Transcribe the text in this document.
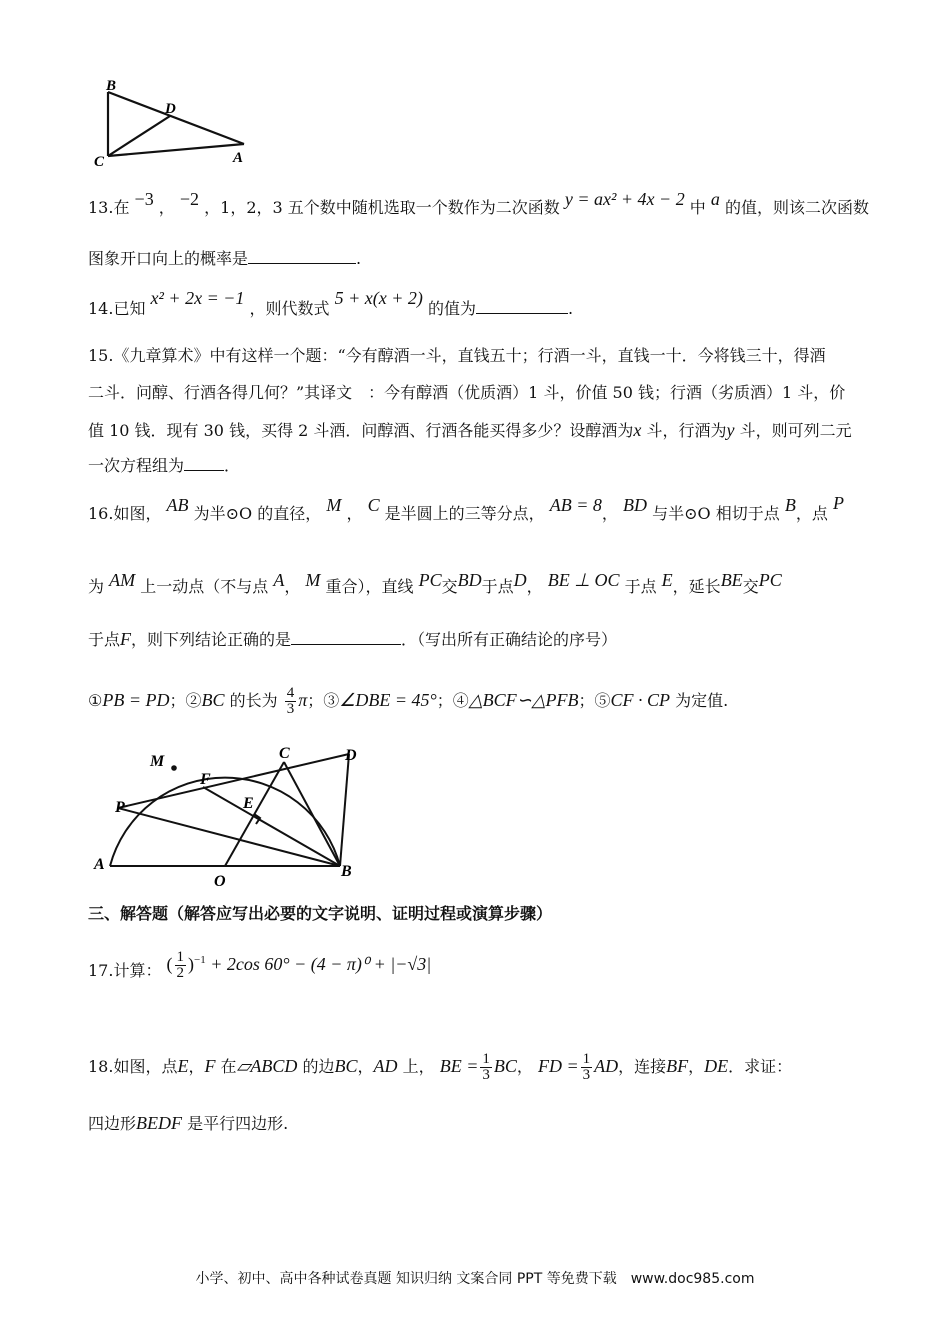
B
D
C	A
13.在 −3 ， −2 ，1，2，3 五个数中随机选取一个数作为二次函数 y = ax² + 4x − 2 中 a 的值，则该二次函数
图象开口向上的概率是	.
14.已知 x² + 2x = −1 ，则代数式 5 + x(x + 2) 的值为	.
15.《九章算术》中有这样一个题：“今有醇酒一斗，直钱五十；行酒一斗，直钱一十．今将钱三十，得酒
二斗．问醇、行酒各得几何？”其译文　：今有醇酒（优质酒）1 斗，价值 50 钱；行酒（劣质酒）1 斗，价
值 10 钱．现有 30 钱，买得 2 斗酒．问醇酒、行酒各能买得多少？设醇酒为x 斗，行酒为y 斗，则可列二元
一次方程组为	．
16.如图， AB 为半⊙O 的直径， M ， C 是半圆上的三等分点， AB = 8， BD 与半⊙O 相切于点 B，点 P
为 AM 上一动点（不与点 A， M 重合），直线 PC交BD于点D， BE ⊥ OC 于点 E，延长BE交PC
于点F，则下列结论正确的是	．（写出所有正确结论的序号）
①PB = PD；②BC 的长为 $\frac{4}{3}$ π；③∠DBE = 45°；④△BCF∽△PFB；⑤CF · CP 为定值.
M	C	D
F
P	E
A
O
B
三、解答题（解答应写出必要的文字说明、证明过程或演算步骤）
17.计算： ( $\frac{1}{2} )^{-1} + 2\cos$ 60° − (4 − π)⁰ + |−√3|
18.如图，点E，F 在▱ABCD 的边BC，AD 上， BE = $\frac{1}{3}$ BC， FD = $\frac{1}{3}$ AD，连接BF，DE．求证：
四边形BEDF 是平行四边形.
小学、初中、高中各种试卷真题 知识归纳 文案合同 PPT 等免费下载　www.doc985.com
